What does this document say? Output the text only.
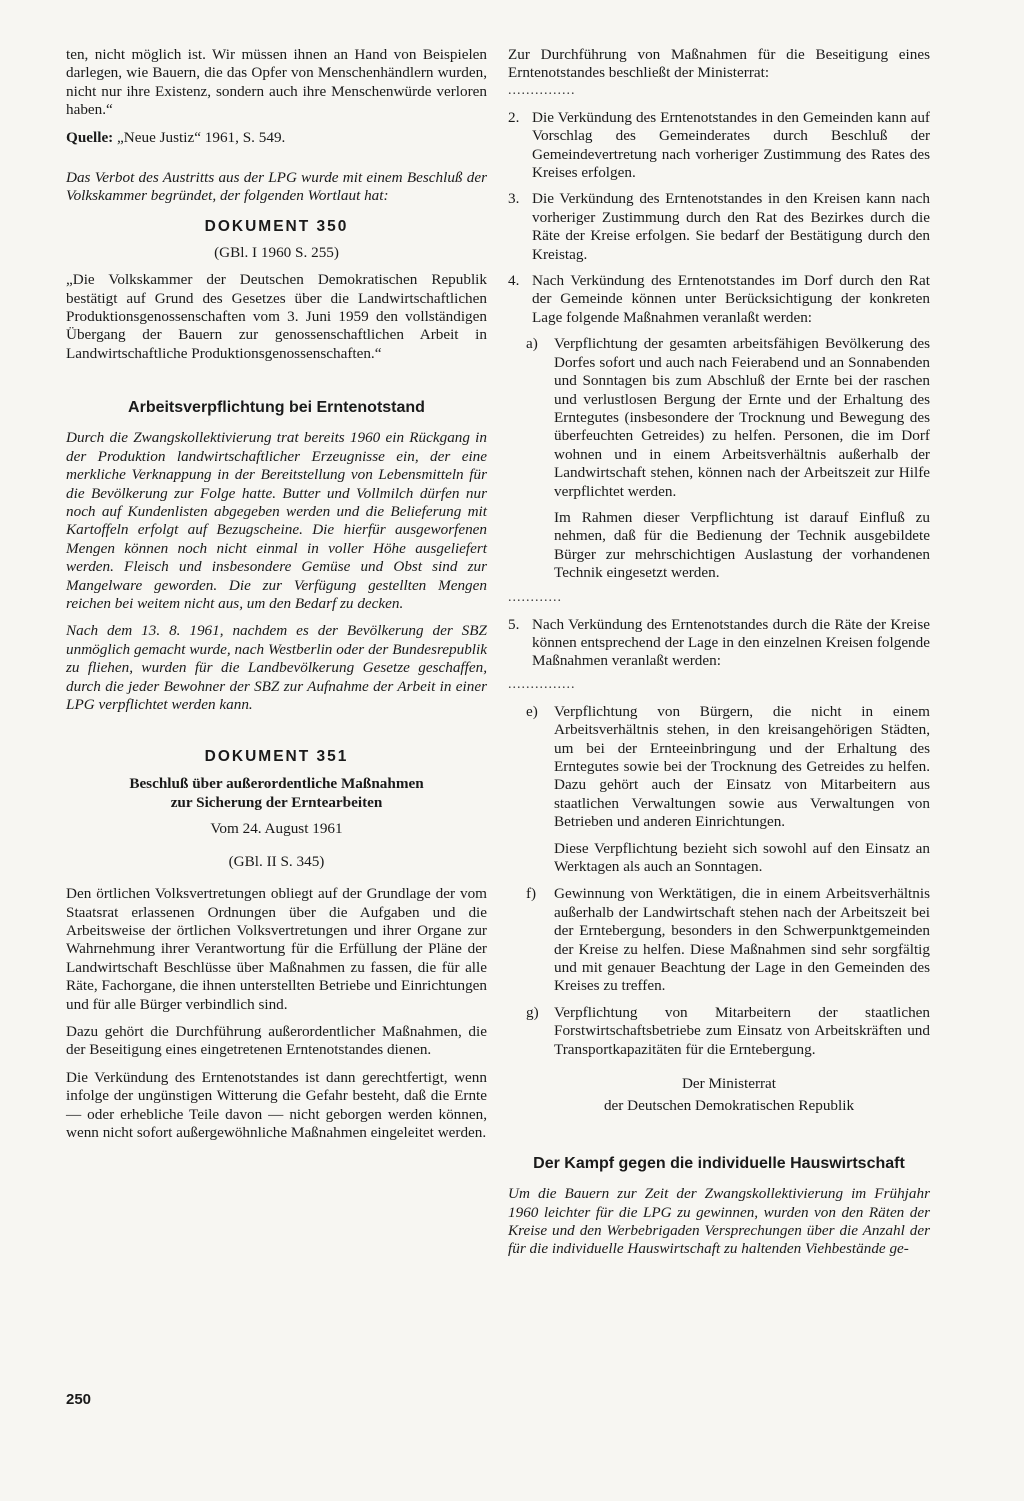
ten, nicht möglich ist. Wir müssen ihnen an Hand von Beispielen darlegen, wie Bauern, die das Opfer von Menschenhändlern wurden, nicht nur ihre Existenz, sondern auch ihre Menschenwürde verloren haben.“

Quelle: „Neue Justiz“ 1961, S. 549.

Das Verbot des Austritts aus der LPG wurde mit einem Beschluß der Volkskammer begründet, der folgenden Wortlaut hat:

DOKUMENT 350

(GBl. I 1960 S. 255)

„Die Volkskammer der Deutschen Demokratischen Republik bestätigt auf Grund des Gesetzes über die Landwirtschaftlichen Produktionsgenossenschaften vom 3. Juni 1959 den vollständigen Übergang der Bauern zur genossenschaftlichen Arbeit in Landwirtschaftliche Produktionsgenossenschaften.“

Arbeitsverpflichtung bei Erntenotstand

Durch die Zwangskollektivierung trat bereits 1960 ein Rückgang in der Produktion landwirtschaftlicher Erzeugnisse ein, der eine merkliche Verknappung in der Bereitstellung von Lebensmitteln für die Bevölkerung zur Folge hatte. Butter und Vollmilch dürfen nur noch auf Kundenlisten abgegeben werden und die Belieferung mit Kartoffeln erfolgt auf Bezugscheine. Die hierfür ausgeworfenen Mengen können noch nicht einmal in voller Höhe ausgeliefert werden. Fleisch und insbesondere Gemüse und Obst sind zur Mangelware geworden. Die zur Verfügung gestellten Mengen reichen bei weitem nicht aus, um den Bedarf zu decken.

Nach dem 13. 8. 1961, nachdem es der Bevölkerung der SBZ unmöglich gemacht wurde, nach Westberlin oder der Bundesrepublik zu fliehen, wurden für die Landbevölkerung Gesetze geschaffen, durch die jeder Bewohner der SBZ zur Aufnahme der Arbeit in einer LPG verpflichtet werden kann.

DOKUMENT 351
Beschluß über außerordentliche Maßnahmen
zur Sicherung der Erntearbeiten

Vom 24. August 1961

(GBl. II S. 345)

Den örtlichen Volksvertretungen obliegt auf der Grundlage der vom Staatsrat erlassenen Ordnungen über die Aufgaben und die Arbeitsweise der örtlichen Volksvertretungen und ihrer Organe zur Wahrnehmung ihrer Verantwortung für die Erfüllung der Pläne der Landwirtschaft Beschlüsse über Maßnahmen zu fassen, die für alle Räte, Fachorgane, die ihnen unterstellten Betriebe und Einrichtungen und für alle Bürger verbindlich sind.

Dazu gehört die Durchführung außerordentlicher Maßnahmen, die der Beseitigung eines eingetretenen Erntenotstandes dienen.

Die Verkündung des Erntenotstandes ist dann gerechtfertigt, wenn infolge der ungünstigen Witterung die Gefahr besteht, daß die Ernte — oder erhebliche Teile davon — nicht geborgen werden können, wenn nicht sofort außergewöhnliche Maßnahmen eingeleitet werden.

250

Zur Durchführung von Maßnahmen für die Beseitigung eines Erntenotstandes beschließt der Ministerrat:

...............
2. Die Verkündung des Erntenotstandes in den Gemeinden kann auf Vorschlag des Gemeinderates durch Beschluß der Gemeindevertretung nach vorheriger Zustimmung des Rates des Kreises erfolgen.
3. Die Verkündung des Erntenotstandes in den Kreisen kann nach vorheriger Zustimmung durch den Rat des Bezirkes durch die Räte der Kreise erfolgen. Sie bedarf der Bestätigung durch den Kreistag.
4. Nach Verkündung des Erntenotstandes im Dorf durch den Rat der Gemeinde können unter Berücksichtigung der konkreten Lage folgende Maßnahmen veranlaßt werden:
a)	Verpflichtung der gesamten arbeitsfähigen Bevölkerung des Dorfes sofort und auch nach Feierabend und an Sonnabenden und Sonntagen bis zum Abschluß der Ernte bei der raschen und verlustlosen Bergung der Ernte und der Erhaltung des Erntegutes (insbesondere der Trocknung und Bewegung des überfeuchten Getreides) zu helfen. Personen, die im Dorf wohnen und in einem Arbeitsverhältnis außerhalb der Landwirtschaft stehen, können nach der Arbeitszeit zur Hilfe verpflichtet werden.

Im Rahmen dieser Verpflichtung ist darauf Einfluß zu nehmen, daß für die Bedienung der Technik ausgebildete Bürger zur mehrschichtigen Auslastung der vorhandenen Technik eingesetzt werden.

............
5. Nach Verkündung des Erntenotstandes durch die Räte der Kreise können entsprechend der Lage in den einzelnen Kreisen folgende Maßnahmen veranlaßt werden:
...............
e)	Verpflichtung von Bürgern, die nicht in einem Arbeitsverhältnis stehen, in den kreisangehörigen Städten, um bei der Ernteeinbringung und der Erhaltung des Erntegutes sowie bei der Trocknung des Getreides zu helfen. Dazu gehört auch der Einsatz von Mitarbeitern aus staatlichen Verwaltungen sowie aus Verwaltungen von Betrieben und anderen Einrichtungen.

Diese Verpflichtung bezieht sich sowohl auf den Einsatz an Werktagen als auch an Sonntagen.

f)	Gewinnung von Werktätigen, die in einem Arbeitsverhältnis außerhalb der Landwirtschaft stehen nach der Arbeitszeit bei der Erntebergung, besonders in den Schwerpunktgemeinden der Kreise zu helfen. Diese Maßnahmen sind sehr sorgfältig und mit genauer Beachtung der Lage in den Gemeinden des Kreises zu treffen.
g)	Verpflichtung von Mitarbeitern der staatlichen Forstwirtschaftsbetriebe zum Einsatz von Arbeitskräften und Transportkapazitäten für die Erntebergung.
Der Ministerrat
der Deutschen Demokratischen Republik
Der Kampf gegen die individuelle Hauswirtschaft

Um die Bauern zur Zeit der Zwangskollektivierung im Frühjahr 1960 leichter für die LPG zu gewinnen, wurden von den Räten der Kreise und den Werbebrigaden Versprechungen über die Anzahl der für die individuelle Hauswirtschaft zu haltenden Viehbestände ge-
